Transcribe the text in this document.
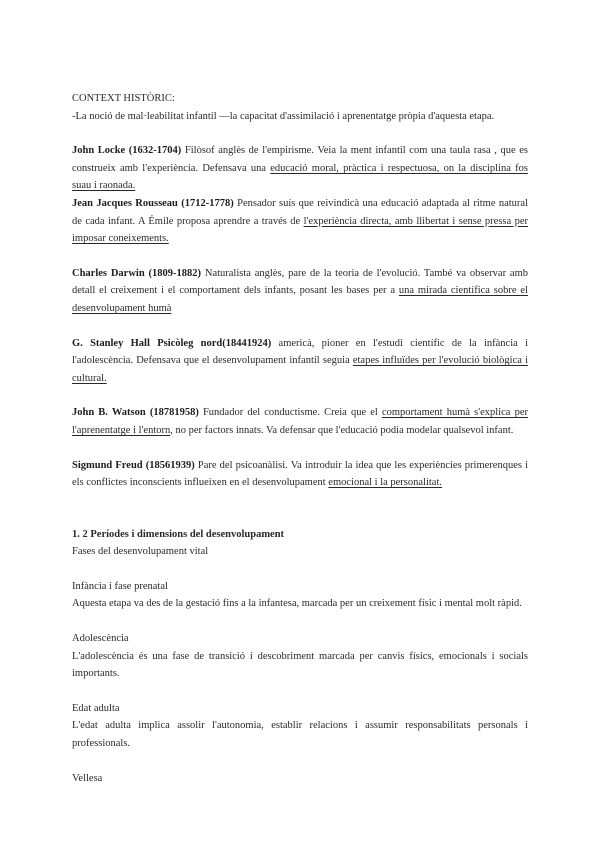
CONTEXT HISTÒRIC:

-La noció de mal·leabilitat infantil —la capacitat d'assimilació i aprenentatge pròpia d'aquesta etapa.

John Locke (1632-1704) Filòsof anglès de l'empirisme. Veia la ment infantil com una taula rasa , que es construeix amb l'experiència. Defensava una educació moral, pràctica i respectuosa, on la disciplina fos suau i raonada.

Jean Jacques Rousseau (1712-1778) Pensador suís que reivindicà una educació adaptada al ritme natural de cada infant. A Émile proposa aprendre a través de l'experiència directa, amb llibertat i sense pressa per imposar coneixements.

Charles Darwin (1809-1882) Naturalista anglès, pare de la teoria de l'evolució. També va observar amb detall el creixement i el comportament dels infants, posant les bases per a una mirada científica sobre el desenvolupament humà

G. Stanley Hall Psicòleg nord(18441924) americà, pioner en l'estudi científic de la infància i l'adolescència. Defensava que el desenvolupament infantil seguia etapes influïdes per l'evolució biològica i cultural.

John B. Watson (18781958) Fundador del conductisme. Creia que el comportament humà s'explica per l'aprenentatge i l'entorn, no per factors innats. Va defensar que l'educació podia modelar qualsevol infant.

Sigmund Freud (18561939) Pare del psicoanàlisi. Va introduir la idea que les experiències primerenques i els conflictes inconscients influeixen en el desenvolupament emocional i la personalitat.

1. 2 Períodes i dimensions del desenvolupament

Fases del desenvolupament vital

Infància i fase prenatal

Aquesta etapa va des de la gestació fins a la infantesa, marcada per un creixement físic i mental molt ràpid.

Adolescència

L'adolescència és una fase de transició i descobriment marcada per canvis físics, emocionals i socials importants.

Edat adulta

L'edat adulta implica assolir l'autonomia, establir relacions i assumir responsabilitats personals i professionals.

Vellesa
